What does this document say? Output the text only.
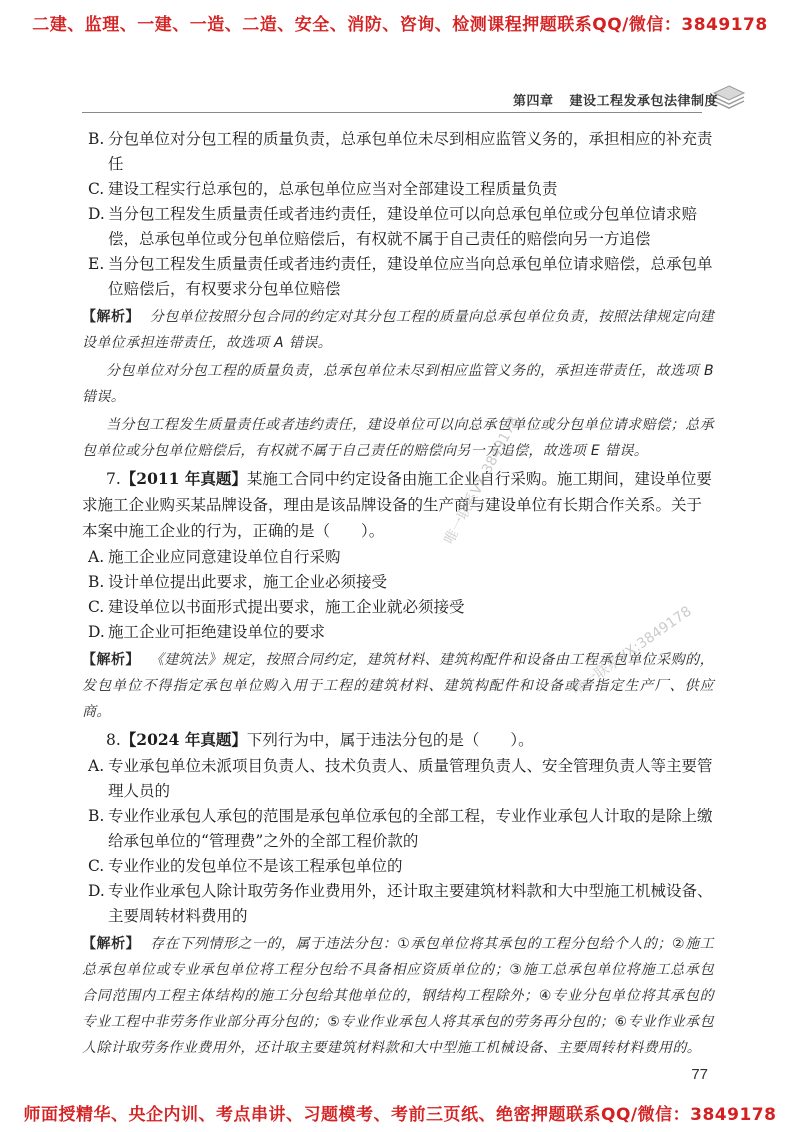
二建、监理、一建、一造、二造、安全、消防、咨询、检测课程押题联系QQ/微信：3849178
第四章 建设工程发承包法律制度

B. 分包单位对分包工程的质量负责，总承包单位未尽到相应监管义务的，承担相应的补充责任

C. 建设工程实行总承包的，总承包单位应当对全部建设工程质量负责

D. 当分包工程发生质量责任或者违约责任，建设单位可以向总承包单位或分包单位请求赔偿，总承包单位或分包单位赔偿后，有权就不属于自己责任的赔偿向另一方追偿

E. 当分包工程发生质量责任或者违约责任，建设单位应当向总承包单位请求赔偿，总承包单位赔偿后，有权要求分包单位赔偿

【解析】 分包单位按照分包合同的约定对其分包工程的质量向总承包单位负责，按照法律规定向建设单位承担连带责任，故选项 A 错误。

分包单位对分包工程的质量负责，总承包单位未尽到相应监管义务的，承担连带责任，故选项 B 错误。

当分包工程发生质量责任或者违约责任，建设单位可以向总承包单位或分包单位请求赔偿；总承包单位或分包单位赔偿后，有权就不属于自己责任的赔偿向另一方追偿，故选项 E 错误。

7.【2011 年真题】某施工合同中约定设备由施工企业自行采购。施工期间，建设单位要求施工企业购买某品牌设备，理由是该品牌设备的生产商与建设单位有长期合作关系。关于本案中施工企业的行为，正确的是（　　）。

A. 施工企业应同意建设单位自行采购

B. 设计单位提出此要求，施工企业必须接受

C. 建设单位以书面形式提出要求，施工企业就必须接受

D. 施工企业可拒绝建设单位的要求

【解析】 《建筑法》规定，按照合同约定，建筑材料、建筑构配件和设备由工程承包单位采购的，发包单位不得指定承包单位购入用于工程的建筑材料、建筑构配件和设备或者指定生产厂、供应商。

8.【2024 年真题】下列行为中，属于违法分包的是（　　）。

A. 专业承包单位未派项目负责人、技术负责人、质量管理负责人、安全管理负责人等主要管理人员的

B. 专业作业承包人承包的范围是承包单位承包的全部工程，专业作业承包人计取的是除上缴给承包单位的“管理费”之外的全部工程价款的

C. 专业作业的发包单位不是该工程承包单位的

D. 专业作业承包人除计取劳务作业费用外，还计取主要建筑材料款和大中型施工机械设备、主要周转材料费用的

【解析】 存在下列情形之一的，属于违法分包：①承包单位将其承包的工程分包给个人的；②施工总承包单位或专业承包单位将工程分包给不具备相应资质单位的；③施工总承包单位将施工总承包合同范围内工程主体结构的施工分包给其他单位的，钢结构工程除外；④专业分包单位将其承包的专业工程中非劳务作业部分再分包的；⑤专业作业承包人将其承包的劳务再分包的；⑥专业作业承包人除计取劳务作业费用外，还计取主要建筑材料款和大中型施工机械设备、主要周转材料费用的。

唯一联系VX:3849178
唯一联系VX:3849178
77
师面授精华、央企内训、考点串讲、习题模考、考前三页纸、绝密押题联系QQ/微信：3849178
